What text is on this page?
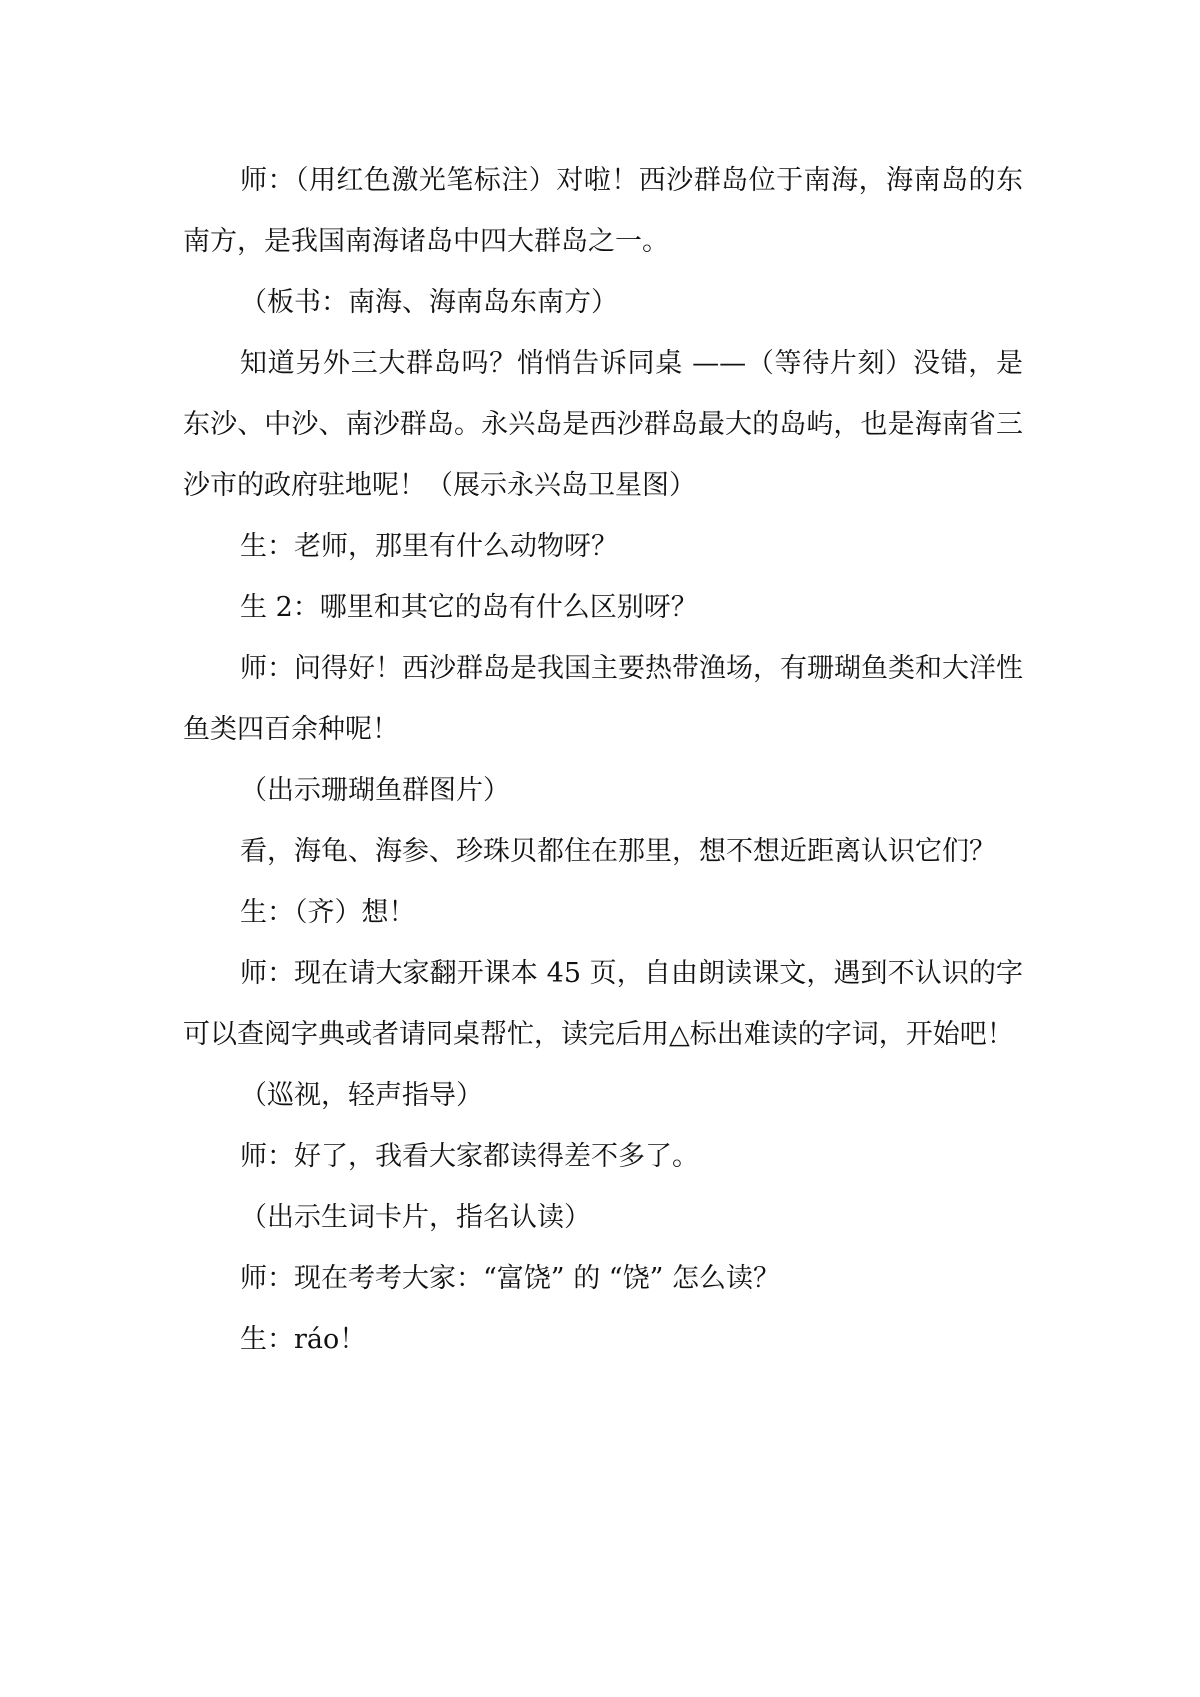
师：（用红色激光笔标注）对啦！西沙群岛位于南海，海南岛的东南方，是我国南海诸岛中四大群岛之一。

（板书：南海、海南岛东南方）

知道另外三大群岛吗？悄悄告诉同桌 ——（等待片刻）没错，是东沙、中沙、南沙群岛。永兴岛是西沙群岛最大的岛屿，也是海南省三沙市的政府驻地呢！（展示永兴岛卫星图）

生：老师，那里有什么动物呀？

生 2：哪里和其它的岛有什么区别呀？

师：问得好！西沙群岛是我国主要热带渔场，有珊瑚鱼类和大洋性鱼类四百余种呢！

（出示珊瑚鱼群图片）

看，海龟、海参、珍珠贝都住在那里，想不想近距离认识它们？

生：（齐）想！

师：现在请大家翻开课本 45 页，自由朗读课文，遇到不认识的字可以查阅字典或者请同桌帮忙，读完后用△标出难读的字词，开始吧！

（巡视，轻声指导）

师：好了，我看大家都读得差不多了。

（出示生词卡片，指名认读）

师：现在考考大家：“富饶” 的 “饶” 怎么读？

生：ráo！
